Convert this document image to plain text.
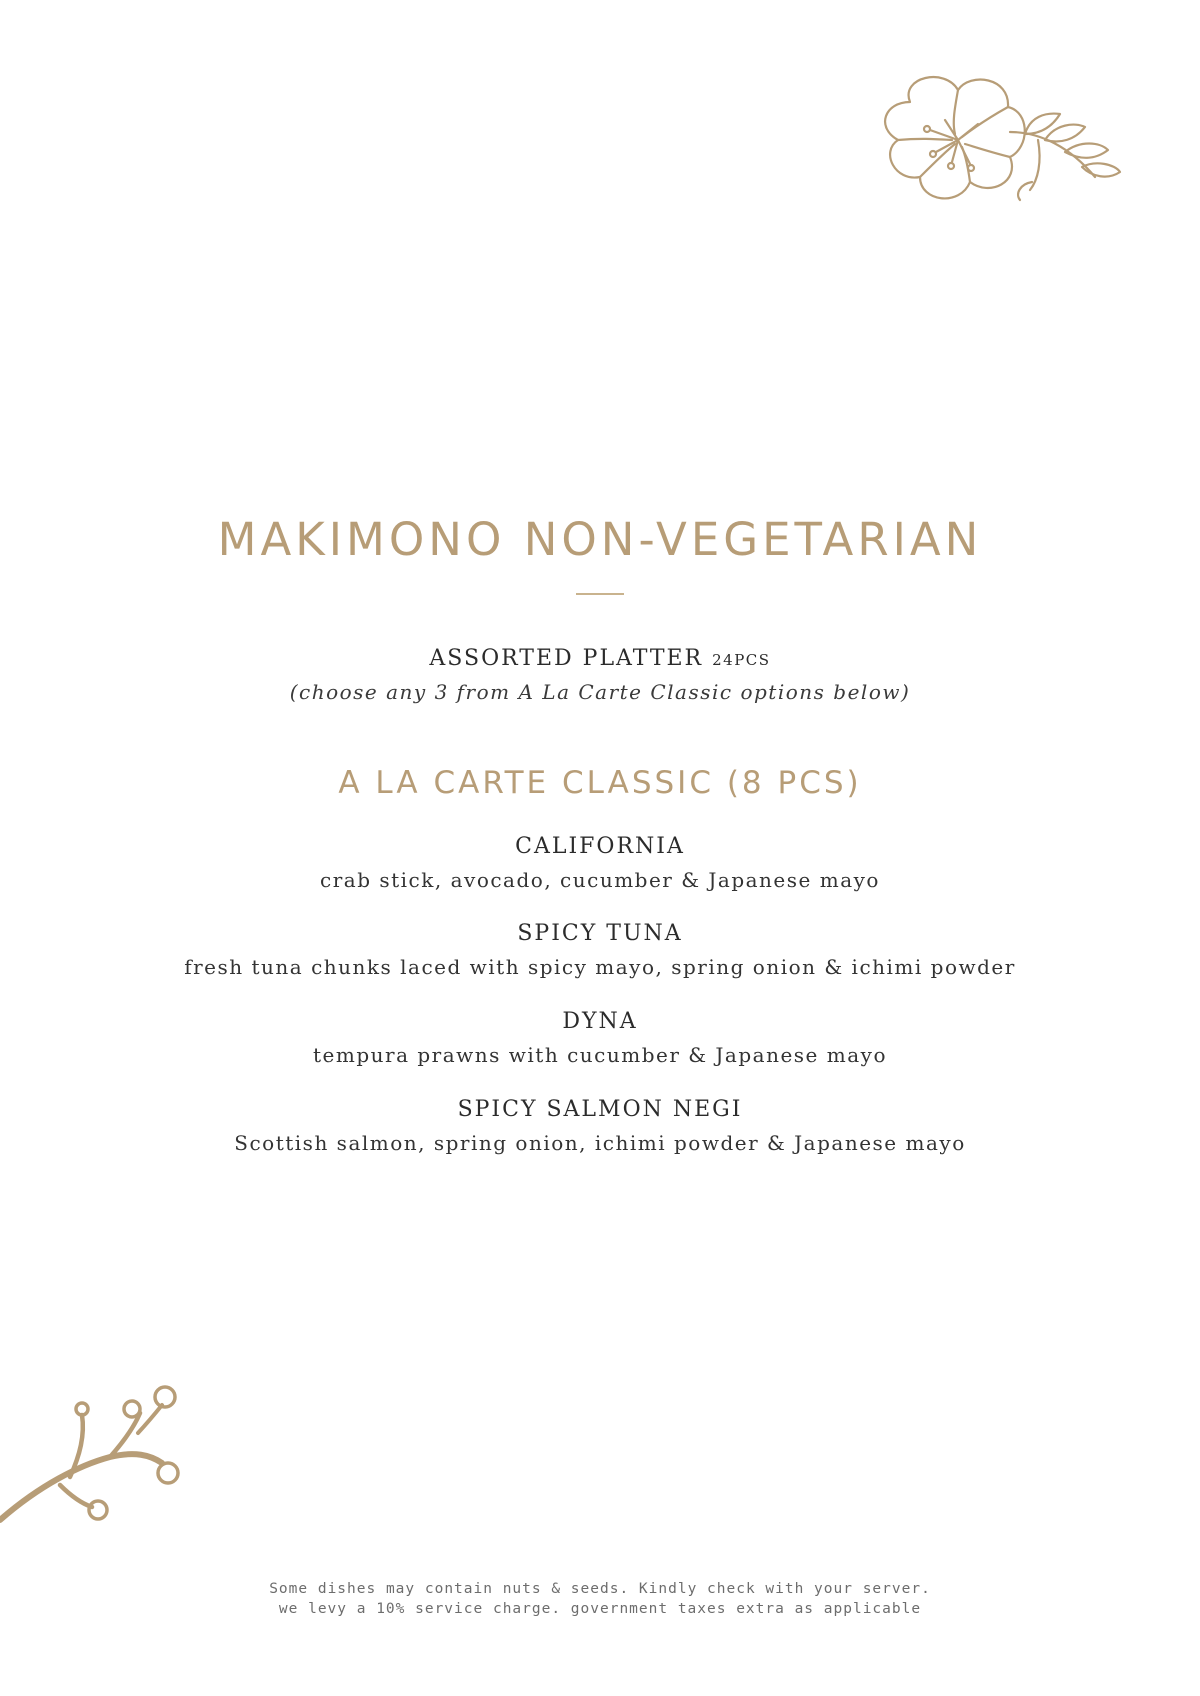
MAKIMONO NON-VEGETARIAN
ASSORTED PLATTER 24PCS
(choose any 3 from A La Carte Classic options below)
A LA CARTE CLASSIC (8 PCS)
CALIFORNIA
crab stick, avocado, cucumber & Japanese mayo
SPICY TUNA
fresh tuna chunks laced with spicy mayo, spring onion & ichimi powder
DYNA
tempura prawns with cucumber & Japanese mayo
SPICY SALMON NEGI
Scottish salmon, spring onion, ichimi powder & Japanese mayo
Some dishes may contain nuts & seeds. Kindly check with your server.
we levy a 10% service charge. government taxes extra as applicable
